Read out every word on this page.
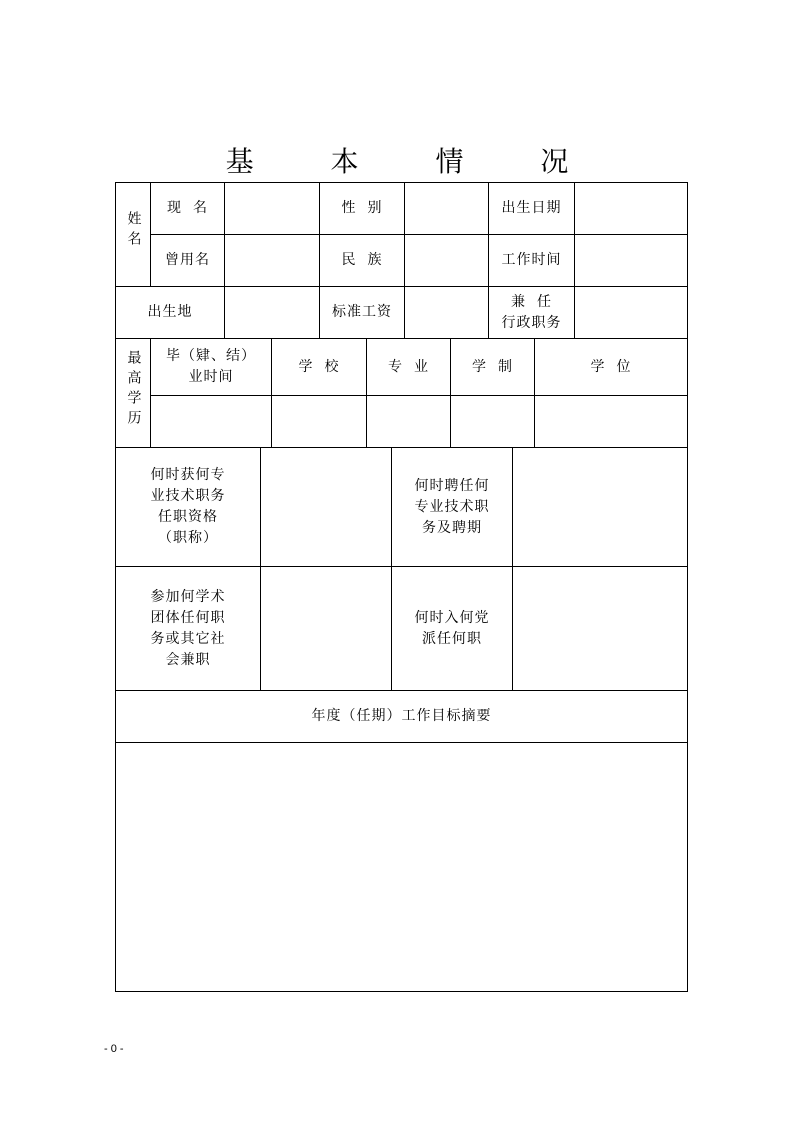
基 本 情 况
姓名	现  名		性  别		出生日期	
	曾用名		民  族		工作时间	
出生地			标准工资		兼  任
行政职务	

最高学历	毕（肄、结）
业时间	学  校	专  业	学  制	学  位

何时获何专
业技术职务
任职资格
（职称）		何时聘任何
专业技术职
务及聘期	
参加何学术
团体任何职
务或其它社
会兼职		何时入何党
派任何职	
年度（任期）工作目标摘要			

- 0 -
